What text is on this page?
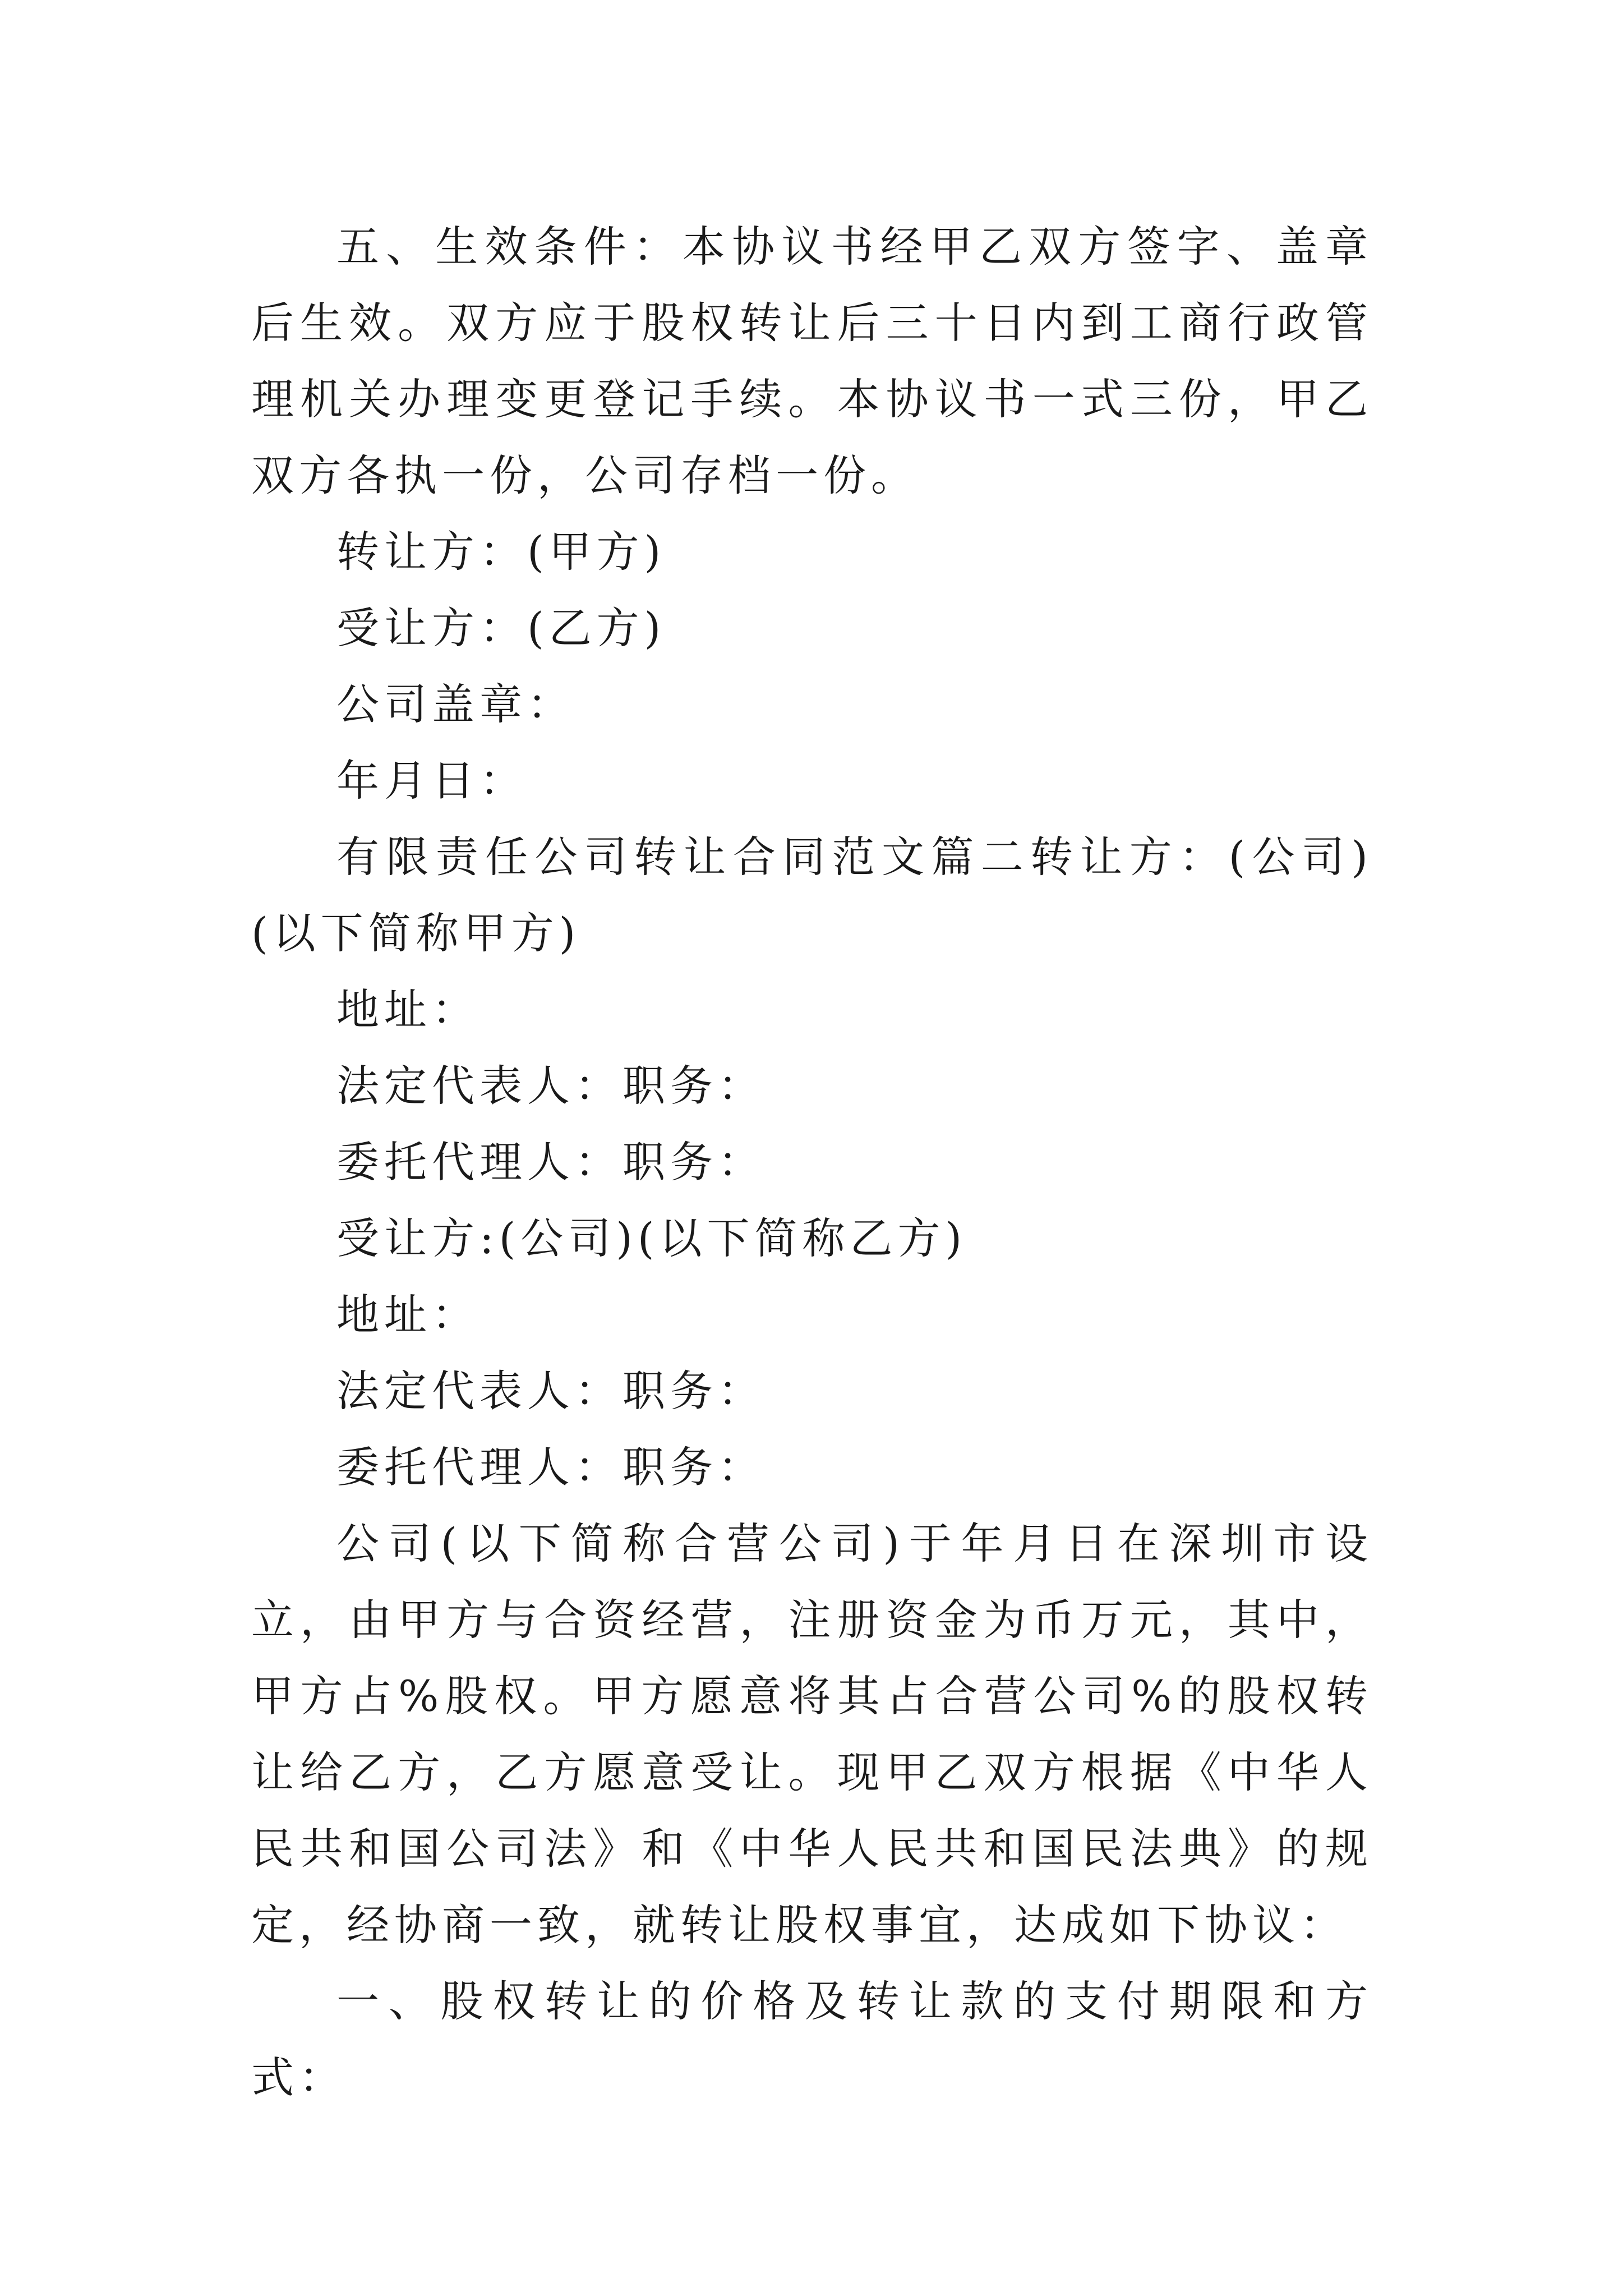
五、生效条件：本协议书经甲乙双方签字、盖章后生效。双方应于股权转让后三十日内到工商行政管理机关办理变更登记手续。本协议书一式三份，甲乙双方各执一份，公司存档一份。

转让方：(甲方)

受让方：(乙方)

公司盖章：

年月日：

有限责任公司转让合同范文篇二转让方：(公司)(以下简称甲方)

地址：

法定代表人：职务：

委托代理人：职务：

受让方:(公司)(以下简称乙方)

地址：

法定代表人：职务：

委托代理人：职务：

公司(以下简称合营公司)于年月日在深圳市设立，由甲方与合资经营，注册资金为币万元，其中，甲方占%股权。甲方愿意将其占合营公司%的股权转让给乙方，乙方愿意受让。现甲乙双方根据《中华人民共和国公司法》和《中华人民共和国民法典》的规定，经协商一致，就转让股权事宜，达成如下协议：

一、股权转让的价格及转让款的支付期限和方式：
